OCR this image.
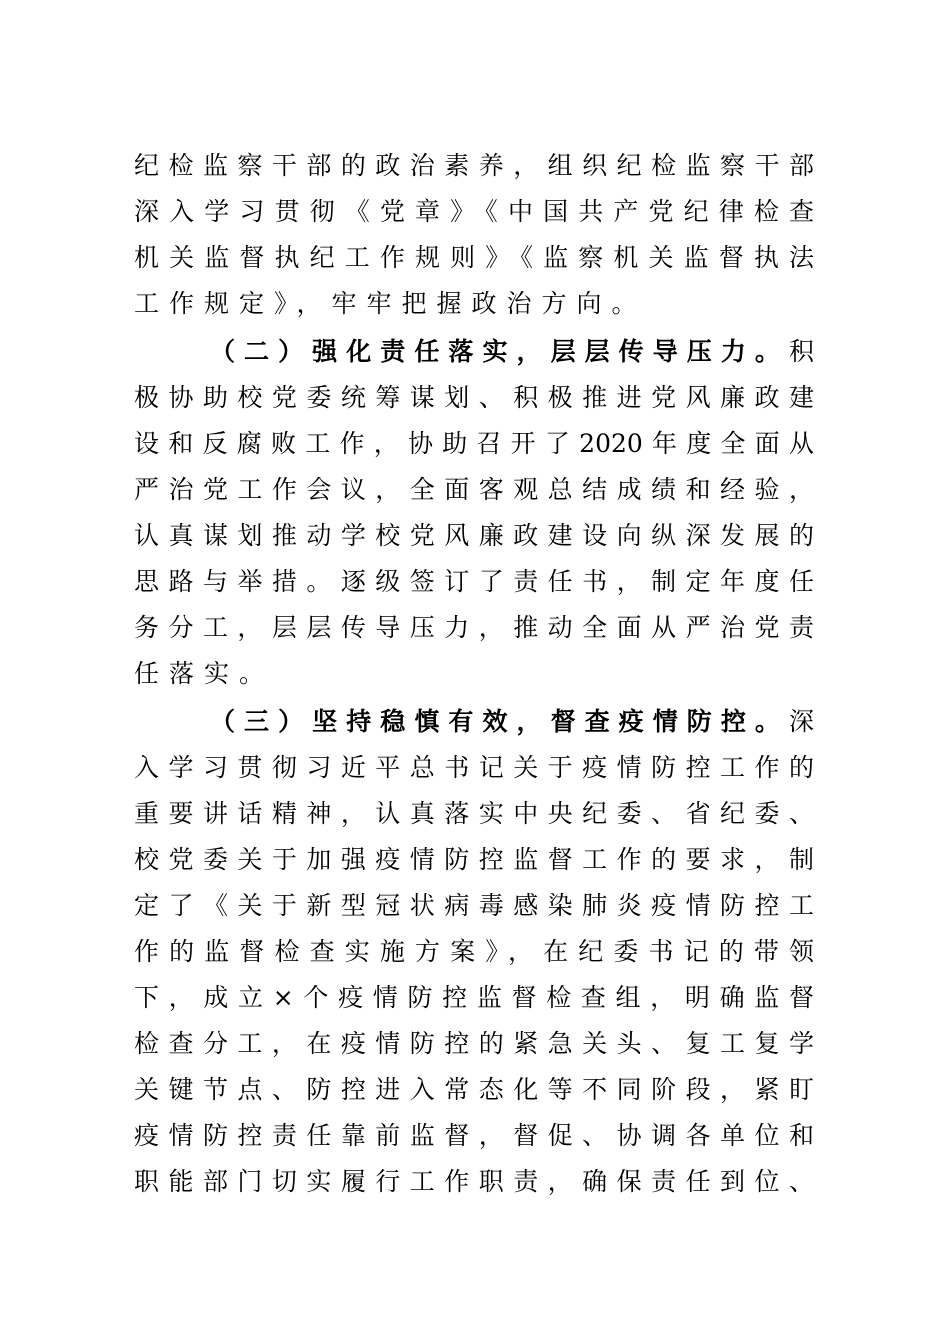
纪检监察干部的政治素养，组织纪检监察干部
深入学习贯彻《党章》《中国共产党纪律检查
机关监督执纪工作规则》《监察机关监督执法
工作规定》，牢牢把握政治方向。
（二）强化责任落实，层层传导压力。积
极协助校党委统筹谋划、积极推进党风廉政建
设和反腐败工作，协助召开了2020年度全面从
严治党工作会议，全面客观总结成绩和经验，
认真谋划推动学校党风廉政建设向纵深发展的
思路与举措。逐级签订了责任书，制定年度任
务分工，层层传导压力，推动全面从严治党责
任落实。
（三）坚持稳慎有效，督查疫情防控。深
入学习贯彻习近平总书记关于疫情防控工作的
重要讲话精神，认真落实中央纪委、省纪委、
校党委关于加强疫情防控监督工作的要求，制
定了《关于新型冠状病毒感染肺炎疫情防控工
作的监督检查实施方案》，在纪委书记的带领
下，成立×个疫情防控监督检查组，明确监督
检查分工，在疫情防控的紧急关头、复工复学
关键节点、防控进入常态化等不同阶段，紧盯
疫情防控责任靠前监督，督促、协调各单位和
职能部门切实履行工作职责，确保责任到位、
